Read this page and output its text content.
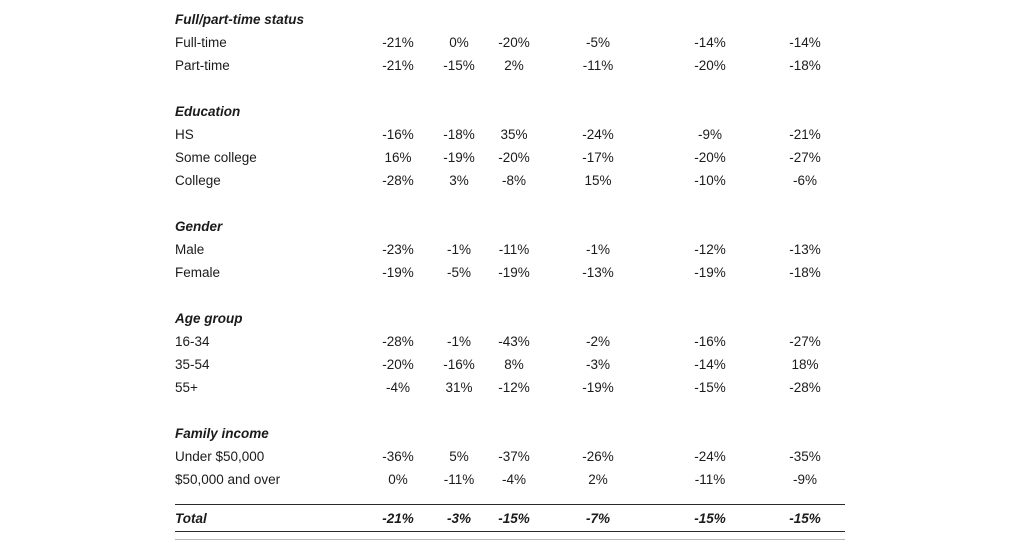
Full/part-time status						
Full-time	-21%	0%	-20%	-5%	-14%	-14%
Part-time	-21%	-15%	2%	-11%	-20%	-18%

Education						
HS	-16%	-18%	35%	-24%	-9%	-21%
Some college	16%	-19%	-20%	-17%	-20%	-27%
College	-28%	3%	-8%	15%	-10%	-6%

Gender						
Male	-23%	-1%	-11%	-1%	-12%	-13%
Female	-19%	-5%	-19%	-13%	-19%	-18%

Age group						
16-34	-28%	-1%	-43%	-2%	-16%	-27%
35-54	-20%	-16%	8%	-3%	-14%	18%
55+	-4%	31%	-12%	-19%	-15%	-28%

Family income						
Under $50,000	-36%	5%	-37%	-26%	-24%	-35%
$50,000 and over	0%	-11%	-4%	2%	-11%	-9%

Total	-21%	-3%	-15%	-7%	-15%	-15%
